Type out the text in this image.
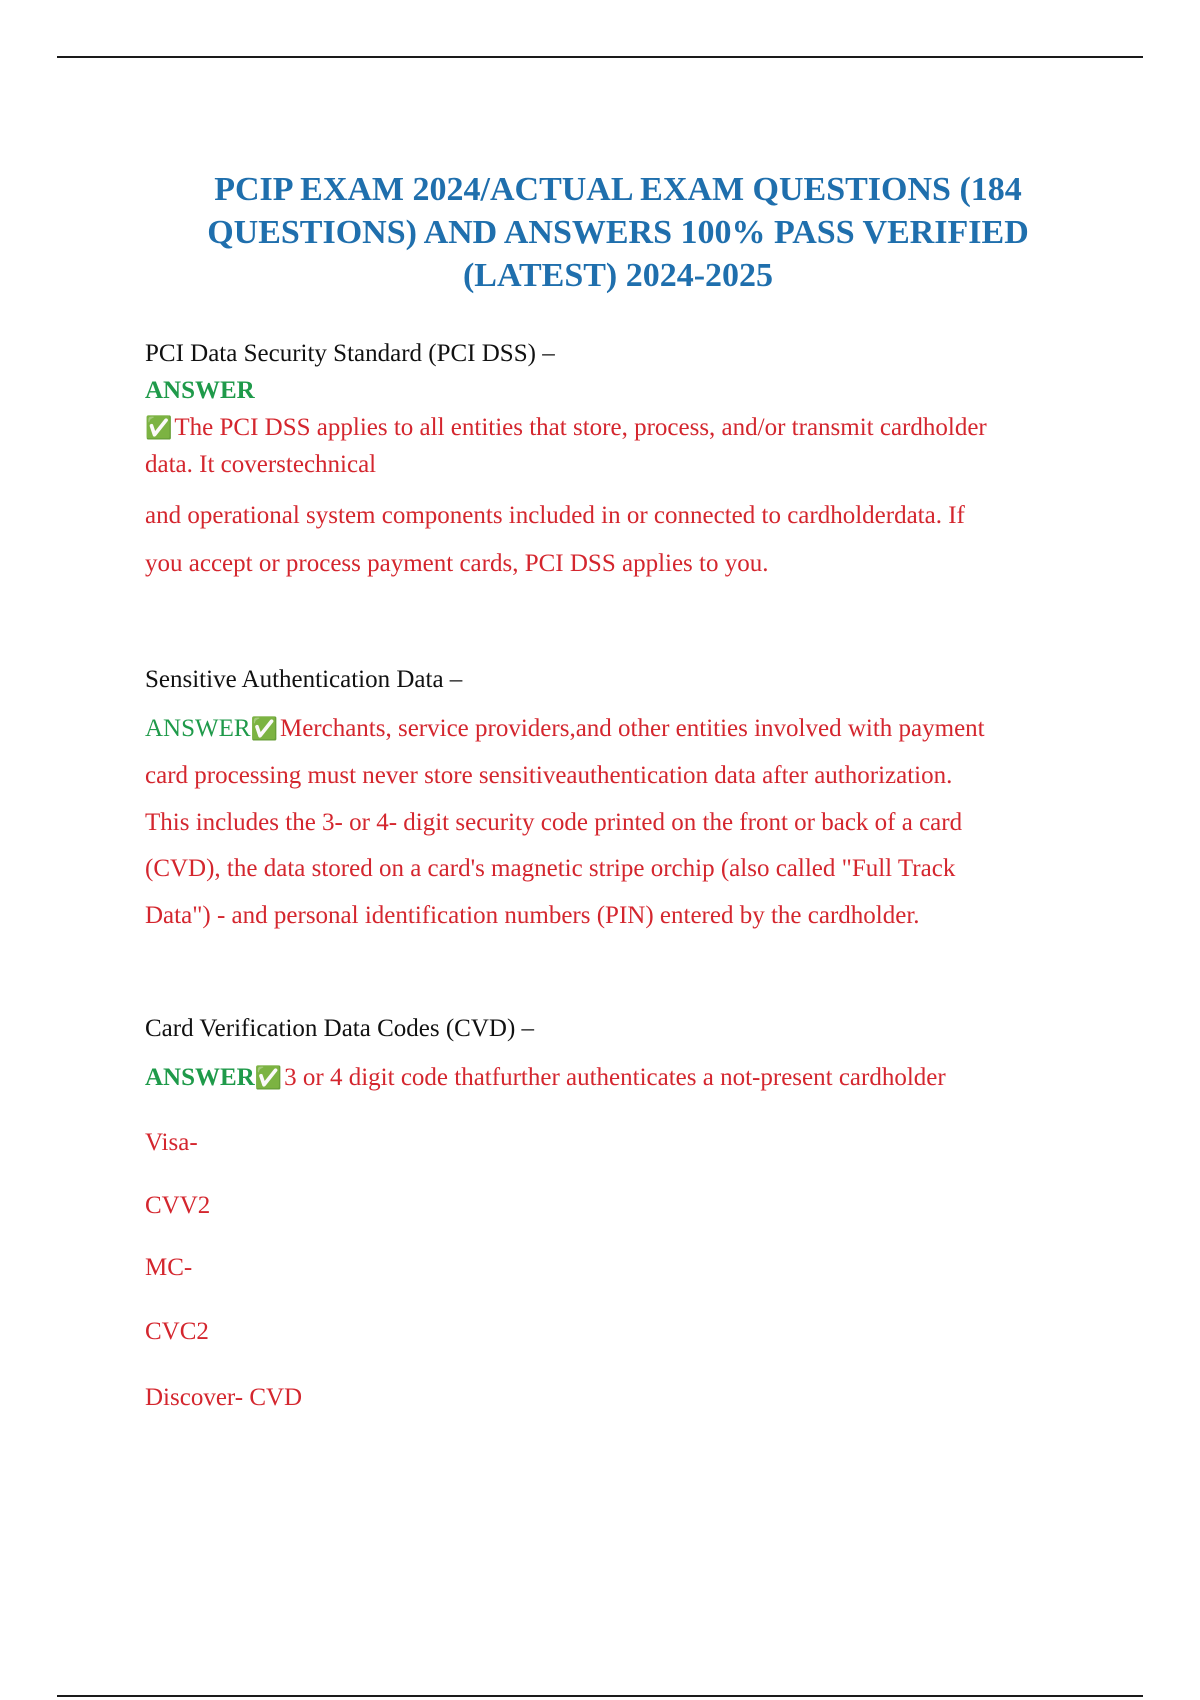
PCIP EXAM 2024/ACTUAL EXAM QUESTIONS (184
QUESTIONS) AND ANSWERS 100% PASS VERIFIED
(LATEST) 2024-2025
PCI Data Security Standard (PCI DSS) –
ANSWER
✅The PCI DSS applies to all entities that store, process, and/or transmit cardholder
data. It coverstechnical
and operational system components included in or connected to cardholderdata. If
you accept or process payment cards, PCI DSS applies to you.
Sensitive Authentication Data –
ANSWER✅Merchants, service providers,and other entities involved with payment
card processing must never store sensitiveauthentication data after authorization.
This includes the 3- or 4- digit security code printed on the front or back of a card
(CVD), the data stored on a card's magnetic stripe orchip (also called "Full Track
Data") - and personal identification numbers (PIN) entered by the cardholder.
Card Verification Data Codes (CVD) –
ANSWER✅3 or 4 digit code thatfurther authenticates a not-present cardholder
Visa-
CVV2
MC-
CVC2
Discover- CVD
